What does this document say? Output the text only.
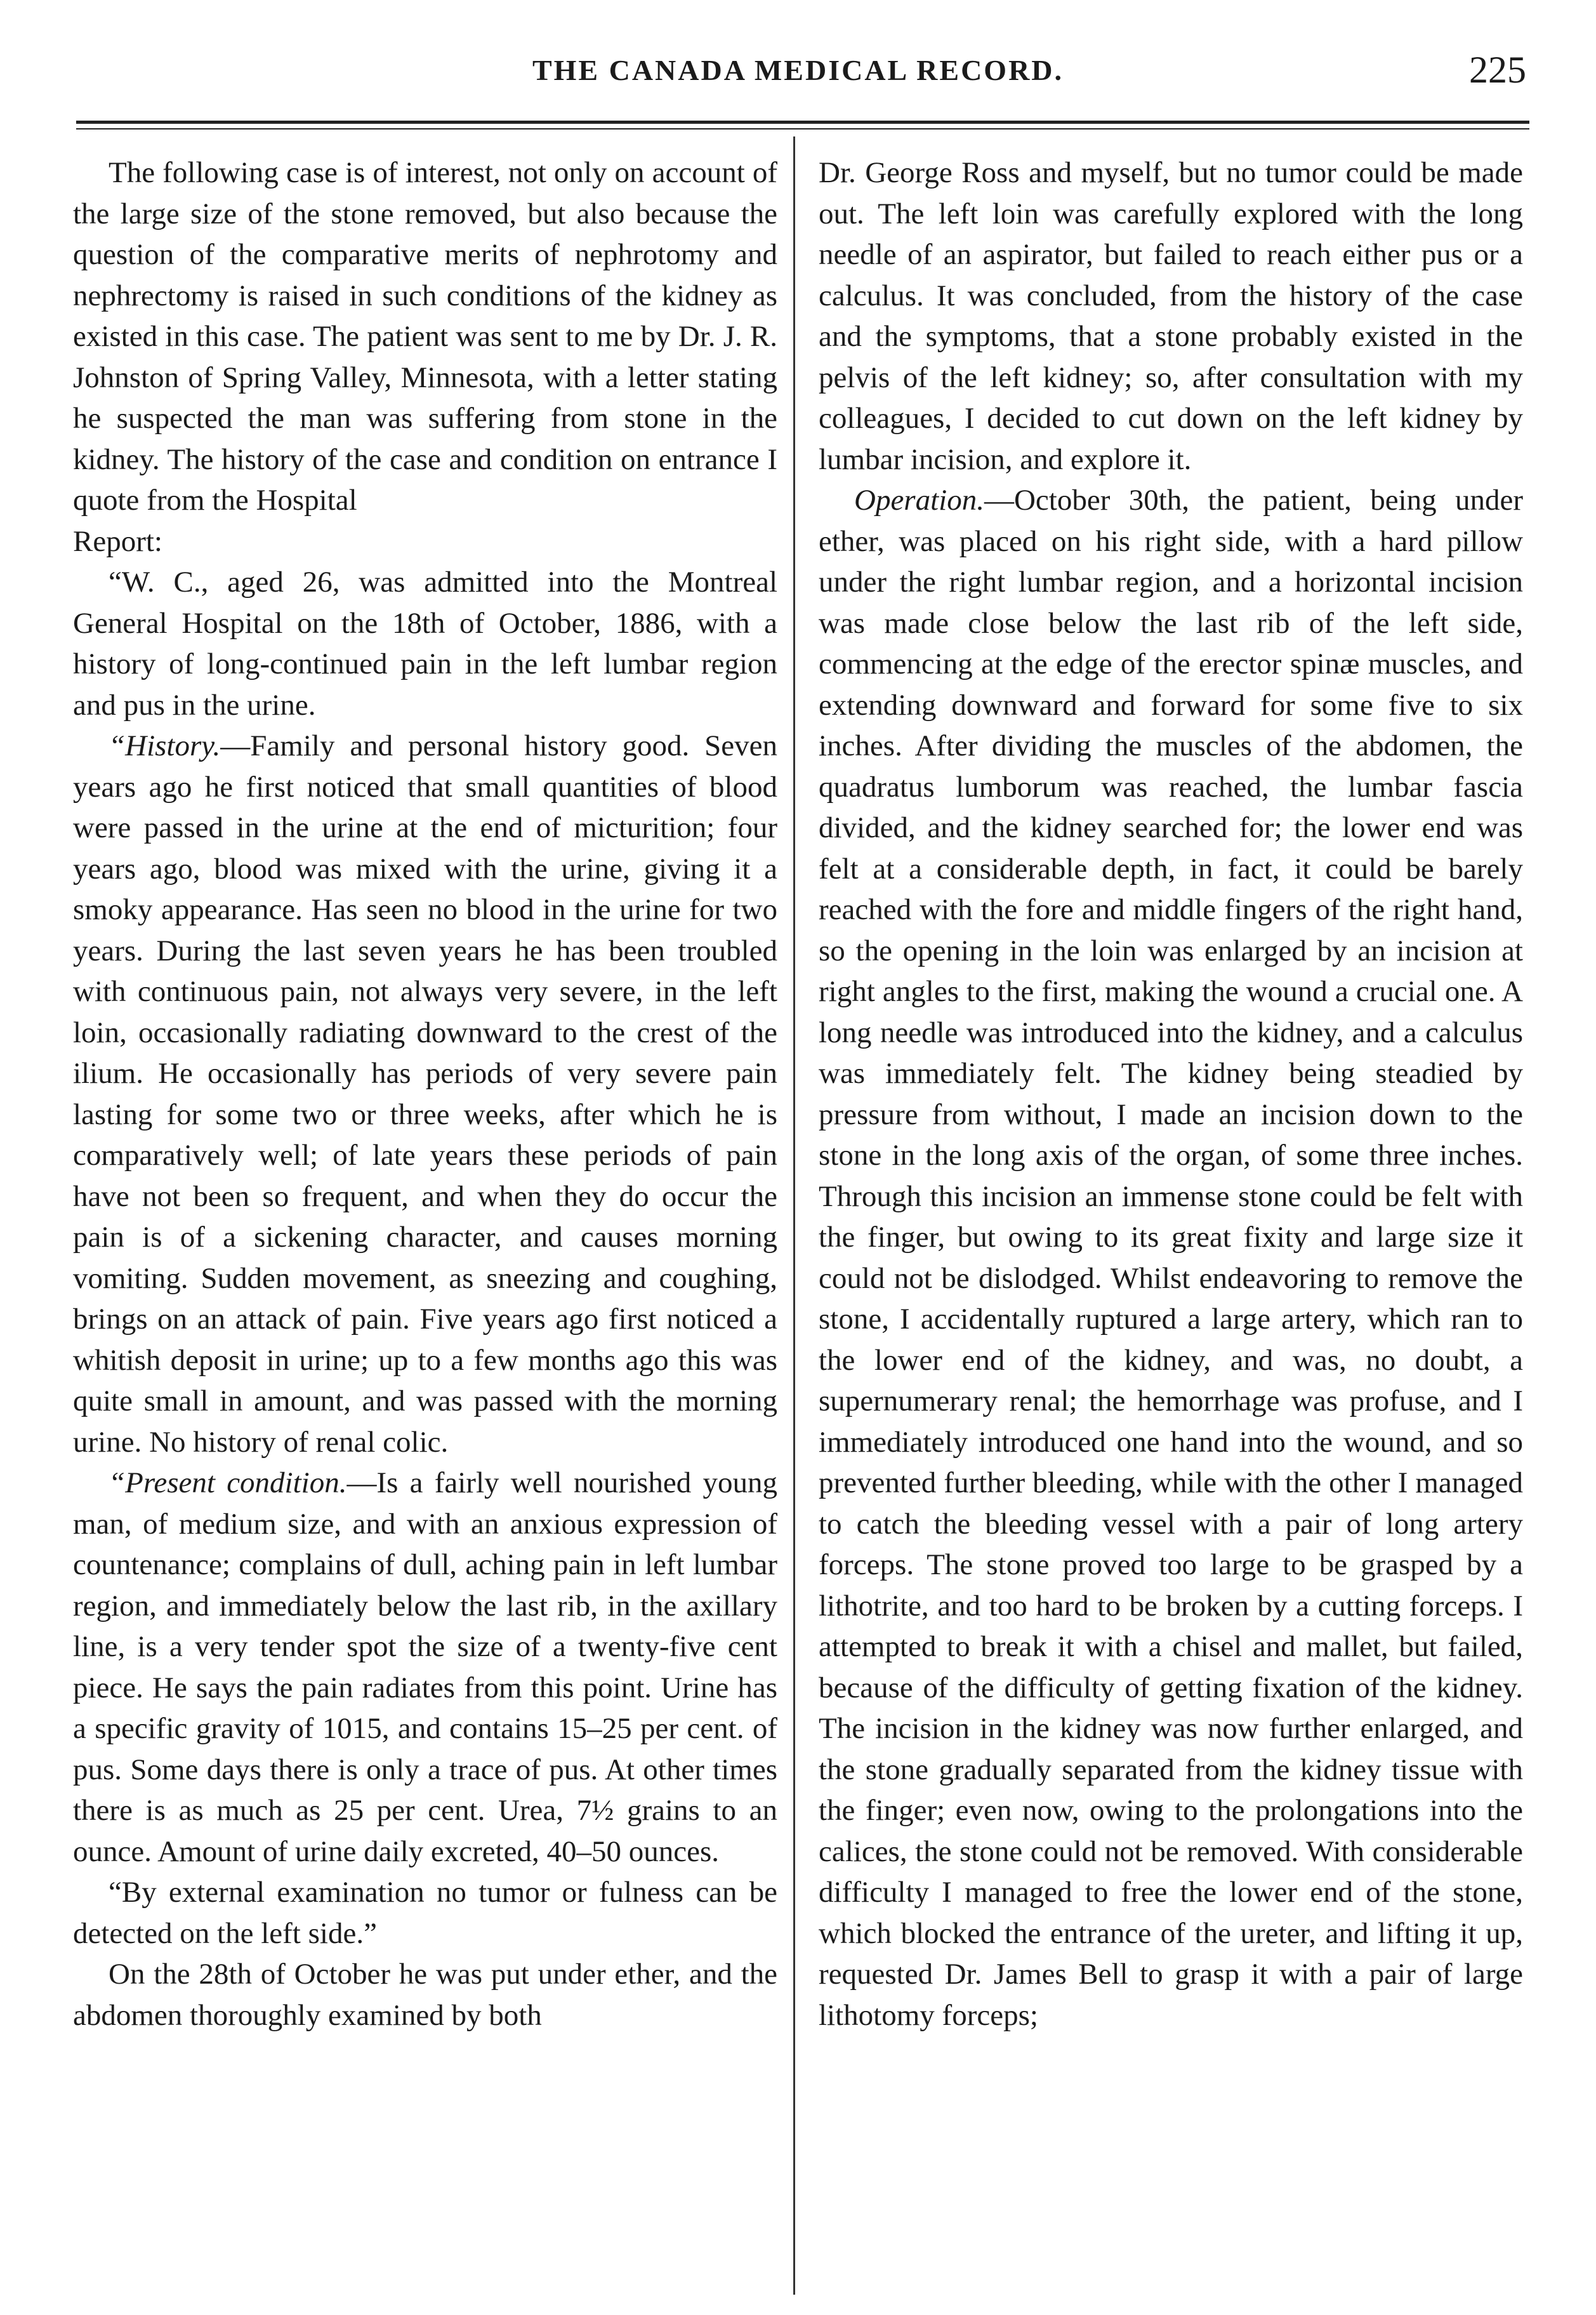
THE CANADA MEDICAL RECORD.	225

The following case is of interest, not only on account of the large size of the stone removed, but also because the question of the comparative merits of nephrotomy and nephrectomy is raised in such conditions of the kidney as existed in this case. The patient was sent to me by Dr. J. R. Johnston of Spring Valley, Minnesota, with a letter stating he suspected the man was suffering from stone in the kidney. The history of the case and condition on entrance I quote from the Hospital

Report:

“W. C., aged 26, was admitted into the Montreal General Hospital on the 18th of October, 1886, with a history of long-continued pain in the left lumbar region and pus in the urine.

“History.—Family and personal history good. Seven years ago he first noticed that small quantities of blood were passed in the urine at the end of micturition; four years ago, blood was mixed with the urine, giving it a smoky appearance. Has seen no blood in the urine for two years. During the last seven years he has been troubled with continuous pain, not always very severe, in the left loin, occasionally radiating downward to the crest of the ilium. He occasionally has periods of very severe pain lasting for some two or three weeks, after which he is comparatively well; of late years these periods of pain have not been so frequent, and when they do occur the pain is of a sickening character, and causes morning vomiting. Sudden movement, as sneezing and coughing, brings on an attack of pain. Five years ago first noticed a whitish deposit in urine; up to a few months ago this was quite small in amount, and was passed with the morning urine. No history of renal colic.

“Present condition.—Is a fairly well nourished young man, of medium size, and with an anxious expression of countenance; complains of dull, aching pain in left lumbar region, and immediately below the last rib, in the axillary line, is a very tender spot the size of a twenty-five cent piece. He says the pain radiates from this point. Urine has a specific gravity of 1015, and contains 15–25 per cent. of pus. Some days there is only a trace of pus. At other times there is as much as 25 per cent. Urea, 7½ grains to an ounce. Amount of urine daily excreted, 40–50 ounces.

“By external examination no tumor or fulness can be detected on the left side.”

On the 28th of October he was put under ether, and the abdomen thoroughly examined by both

Dr. George Ross and myself, but no tumor could be made out. The left loin was carefully explored with the long needle of an aspirator, but failed to reach either pus or a calculus. It was concluded, from the history of the case and the symptoms, that a stone probably existed in the pelvis of the left kidney; so, after consultation with my colleagues, I decided to cut down on the left kidney by lumbar incision, and explore it.

Operation.—October 30th, the patient, being under ether, was placed on his right side, with a hard pillow under the right lumbar region, and a horizontal incision was made close below the last rib of the left side, commencing at the edge of the erector spinæ muscles, and extending downward and forward for some five to six inches. After dividing the muscles of the abdomen, the quadratus lumborum was reached, the lumbar fascia divided, and the kidney searched for; the lower end was felt at a considerable depth, in fact, it could be barely reached with the fore and middle fingers of the right hand, so the opening in the loin was enlarged by an incision at right angles to the first, making the wound a crucial one. A long needle was introduced into the kidney, and a calculus was immediately felt. The kidney being steadied by pressure from without, I made an incision down to the stone in the long axis of the organ, of some three inches. Through this incision an immense stone could be felt with the finger, but owing to its great fixity and large size it could not be dislodged. Whilst endeavoring to remove the stone, I accidentally ruptured a large artery, which ran to the lower end of the kidney, and was, no doubt, a supernumerary renal; the hemorrhage was profuse, and I immediately introduced one hand into the wound, and so prevented further bleeding, while with the other I managed to catch the bleeding vessel with a pair of long artery forceps. The stone proved too large to be grasped by a lithotrite, and too hard to be broken by a cutting forceps. I attempted to break it with a chisel and mallet, but failed, because of the difficulty of getting fixation of the kidney. The incision in the kidney was now further enlarged, and the stone gradually separated from the kidney tissue with the finger; even now, owing to the prolongations into the calices, the stone could not be removed. With considerable difficulty I managed to free the lower end of the stone, which blocked the entrance of the ureter, and lifting it up, requested Dr. James Bell to grasp it with a pair of large lithotomy forceps;
